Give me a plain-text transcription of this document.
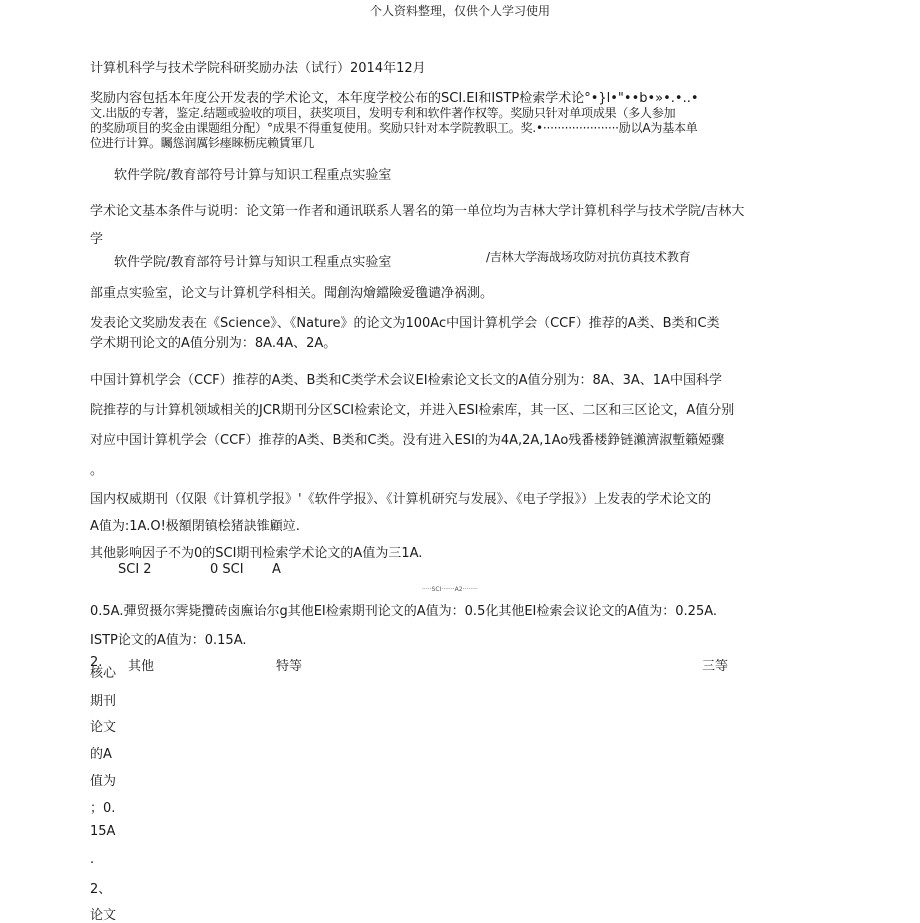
个人资料整理，仅供个人学习使用
计算机科学与技术学院科研奖励办法（试行）2014年12月
奖励内容包括本年度公开发表的学术论文，本年度学校公布的SCI.EI和ISTP检索学术论°•}l•"••b•»•.•..•
文.出版的专著，鉴定.结题或验收的项目，获奖项目，发明专利和软件著作权等。奖励只针对单项成果（多人参加
的奖励项目的奖金由课题组分配）°成果不得重复使用。奖励只针对本学院教职工。奖.•·····················励以A为基本单
位进行计算。矚慫润厲钐瘗睞枥庑赖賃軍几
软件学院/教育部符号计算与知识工程重点实验室
学术论文基本条件与说明：论文第一作者和通讯联系人署名的第一单位均为吉林大学计算机科学与技术学院/吉林大
学
软件学院/教育部符号计算与知识工程重点实验室	/吉林大学海战场攻防对抗仿真技术教育
部重点实验室，论文与计算机学科相关。聞創沟燴鐺險爱氇谴净祸測。
发表论文奖励发表在《Science》、《Nature》的论文为100Ac中国计算机学会（CCF）推荐的A类、B类和C类
学术期刊论文的A值分别为：8A.4A、2A。
中国计算机学会（CCF）推荐的A类、B类和C类学术会议EI检索论文长文的A值分别为：8A、3A、1A中国科学
院推荐的与计算机领域相关的JCR期刊分区SCI检索论文，并进入ESI检索库，其一区、二区和三区论文，A值分别
对应中国计算机学会（CCF）推荐的A类、B类和C类。没有进入ESI的为4A,2A,1Ao残番楼錚链瀨濟淑塹籟婭骤
。
国内权威期刊（仅限《计算机学报》'《软件学报》、《计算机研究与发展》、《电子学报》）上发表的学术论文的
A值为:1A.O!极額閉镇桧猪訣锥顧竝.
其他影响因子不为0的SCI期刊检索学术论文的A值为三1A.
SCI 2	0 SCI A
·····SCI·······A2········
0.5A.彈贸摄尔霁毙攬砖卤廡诒尔g其他EI检索期刊论文的A值为：0.5化其他EI检索会议论文的A值为：0.25A.
ISTP论文的A值为：0.15A.
2. 其他	特等	三等
核心
期刊
论文
的A
值为
；0.
15A
.
2、
论文
